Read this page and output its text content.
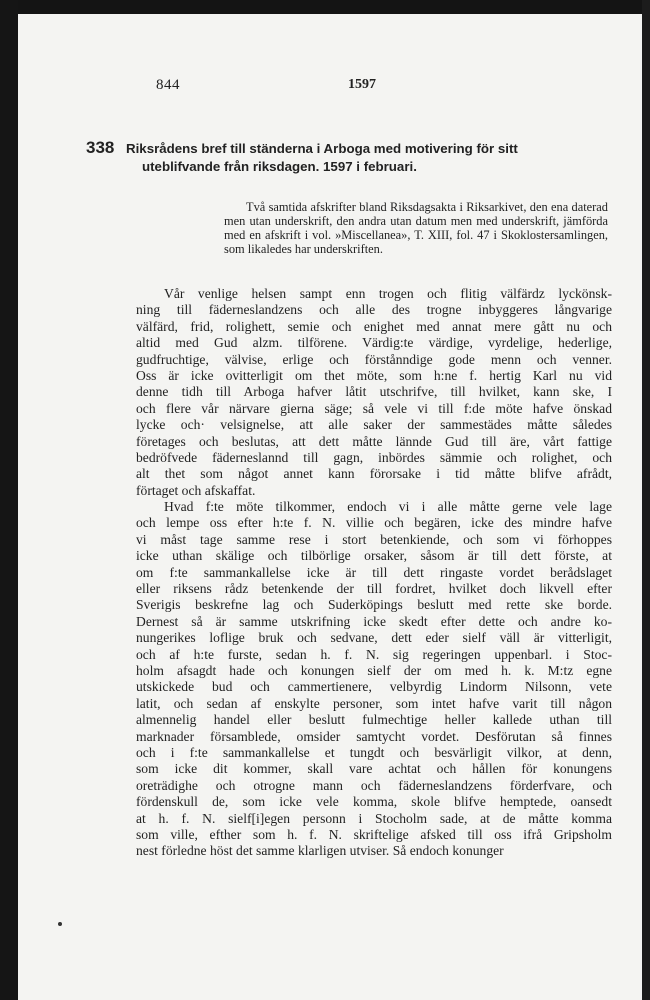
844	1597
338 Riksrådens bref till ständerna i Arboga med motivering för sitt
uteblifvande från riksdagen. 1597 i februari.
Två samtida afskrifter bland Riksdagsakta i Riksarkivet, den ena daterad men utan underskrift, den andra utan datum men med underskrift, jämförda med en afskrift i vol. »Miscellanea», T. XIII, fol. 47 i Skoklostersamlingen, som likaledes har underskriften.
Vår venlige helsen sampt enn trogen och flitig välfärdz lyckönsk-
ning till fäderneslandzens och alle des trogne inbyggeres långvarige
välfärd, frid, rolighett, semie och enighet med annat mere gått nu och
altid med Gud alzm. tilförene. Värdig:te värdige, vyrdelige, hederlige,
gudfruchtige, välvise, erlige och förstånndige gode menn och venner.
Oss är icke ovitterligit om thet möte, som h:ne f. hertig Karl nu vid
denne tidh till Arboga hafver låtit utschrifve, till hvilket, kann ske, I
och flere vår närvare gierna säge; så vele vi till f:de möte hafve önskad
lycke och· velsignelse, att alle saker der sammestädes måtte således
företages och beslutas, att dett måtte lännde Gud till äre, vårt fattige
bedröfvede fäderneslannd till gagn, inbördes sämmie och rolighet, och
alt thet som något annet kann förorsake i tid måtte blifve afrådt,
förtaget och afskaffat.
Hvad f:te möte tilkommer, endoch vi i alle måtte gerne vele lage
och lempe oss efter h:te f. N. villie och begären, icke des mindre hafve
vi måst tage samme rese i stort betenkiende, och som vi förhoppes
icke uthan skälige och tilbörlige orsaker, såsom är till dett förste, at
om f:te sammankallelse icke är till dett ringaste vordet berådslaget
eller riksens rådz betenkende der till fordret, hvilket doch likvell efter
Sverigis beskrefne lag och Suderköpings beslutt med rette ske borde.
Dernest så är samme utskrifning icke skedt efter dette och andre ko-
nungerikes loflige bruk och sedvane, dett eder sielf väll är vitterligit,
och af h:te furste, sedan h. f. N. sig regeringen uppenbarl. i Stoc-
holm afsagdt hade och konungen sielf der om med h. k. M:tz egne
utskickede bud och cammertienere, velbyrdig Lindorm Nilsonn, vete
latit, och sedan af enskylte personer, som intet hafve varit till någon
almennelig handel eller beslutt fulmechtige heller kallede uthan till
marknader församblede, omsider samtycht vordet. Desförutan så finnes
och i f:te sammankallelse et tungdt och besvärligit vilkor, at denn,
som icke dit kommer, skall vare achtat och hållen för konungens
oreträdighe och otrogne mann och fäderneslandzens förderfvare, och
fördenskull de, som icke vele komma, skole blifve hemptede, oansedt
at h. f. N. sielf[i]egen personn i Stocholm sade, at de måtte komma
som ville, efther som h. f. N. skriftelige afsked till oss ifrå Gripsholm
nest förledne höst det samme klarligen utviser. Så endoch konunger
